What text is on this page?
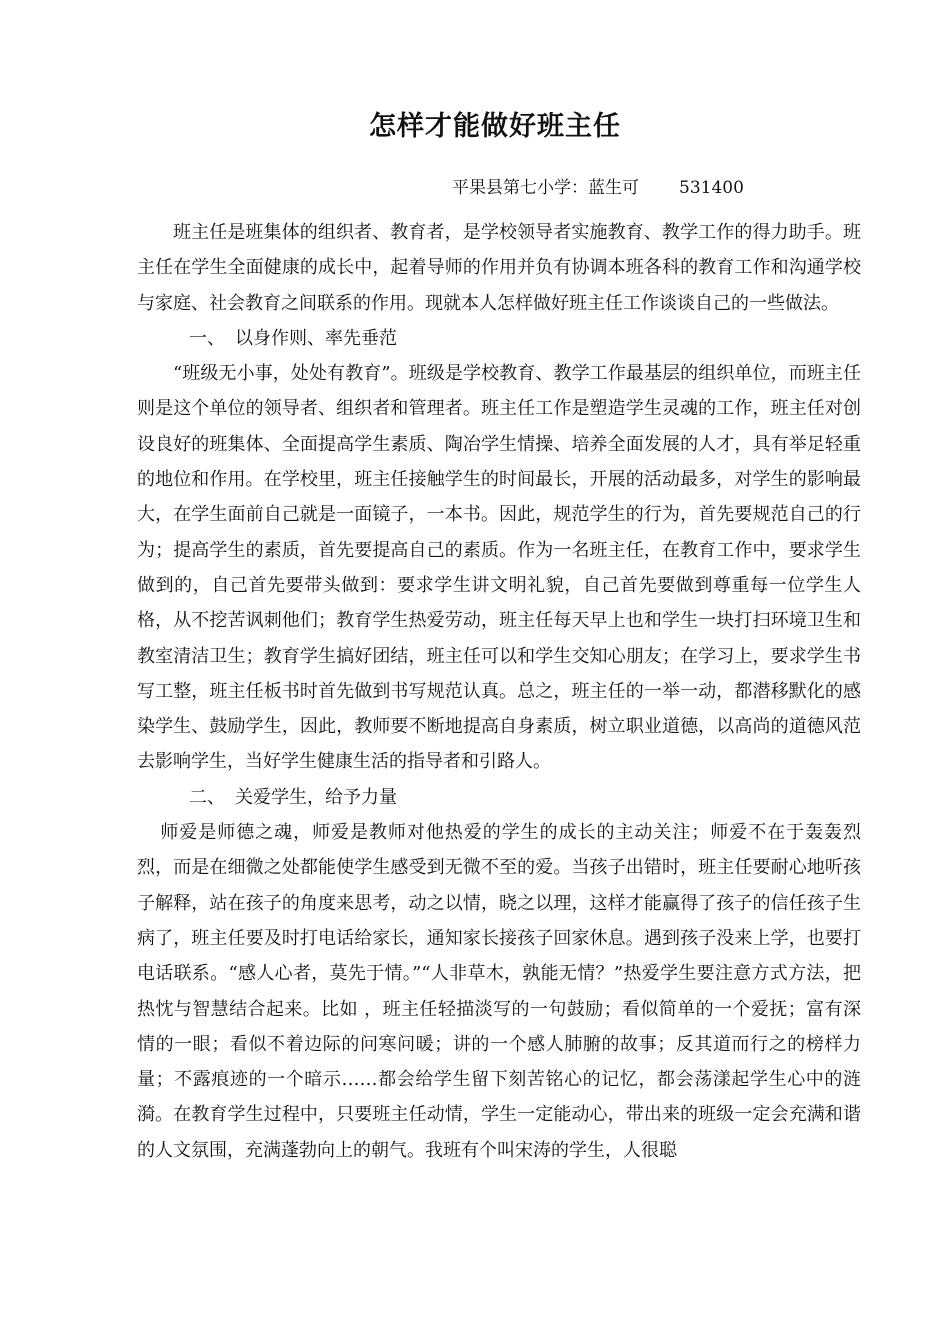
怎样才能做好班主任
平果县第七小学：蓝生可 531400

班主任是班集体的组织者、教育者，是学校领导者实施教育、教学工作的得力助手。班主任在学生全面健康的成长中，起着导师的作用并负有协调本班各科的教育工作和沟通学校与家庭、社会教育之间联系的作用。现就本人怎样做好班主任工作谈谈自己的一些做法。

一、 以身作则、率先垂范

“班级无小事，处处有教育”。班级是学校教育、教学工作最基层的组织单位，而班主任则是这个单位的领导者、组织者和管理者。班主任工作是塑造学生灵魂的工作，班主任对创设良好的班集体、全面提高学生素质、陶冶学生情操、培养全面发展的人才，具有举足轻重的地位和作用。在学校里，班主任接触学生的时间最长，开展的活动最多，对学生的影响最大，在学生面前自己就是一面镜子，一本书。因此，规范学生的行为，首先要规范自己的行为；提高学生的素质，首先要提高自己的素质。作为一名班主任，在教育工作中，要求学生做到的，自己首先要带头做到：要求学生讲文明礼貌，自己首先要做到尊重每一位学生人格，从不挖苦讽刺他们；教育学生热爱劳动，班主任每天早上也和学生一块打扫环境卫生和教室清洁卫生；教育学生搞好团结，班主任可以和学生交知心朋友；在学习上，要求学生书写工整，班主任板书时首先做到书写规范认真。总之，班主任的一举一动，都潜移默化的感染学生、鼓励学生，因此，教师要不断地提高自身素质，树立职业道德，以高尚的道德风范去影响学生，当好学生健康生活的指导者和引路人。

二、 关爱学生，给予力量

师爱是师德之魂，师爱是教师对他热爱的学生的成长的主动关注；师爱不在于轰轰烈烈，而是在细微之处都能使学生感受到无微不至的爱。当孩子出错时，班主任要耐心地听孩子解释，站在孩子的角度来思考，动之以情，晓之以理，这样才能赢得了孩子的信任孩子生病了，班主任要及时打电话给家长，通知家长接孩子回家休息。遇到孩子没来上学，也要打电话联系。“感人心者，莫先于情。”“人非草木，孰能无情？”热爱学生要注意方式方法，把热忱与智慧结合起来。比如 ，班主任轻描淡写的一句鼓励；看似简单的一个爱抚；富有深情的一眼；看似不着边际的问寒问暖；讲的一个感人肺腑的故事；反其道而行之的榜样力量；不露痕迹的一个暗示……都会给学生留下刻苦铭心的记忆，都会荡漾起学生心中的涟漪。在教育学生过程中，只要班主任动情，学生一定能动心，带出来的班级一定会充满和谐的人文氛围，充满蓬勃向上的朝气。我班有个叫宋涛的学生，人很聪
